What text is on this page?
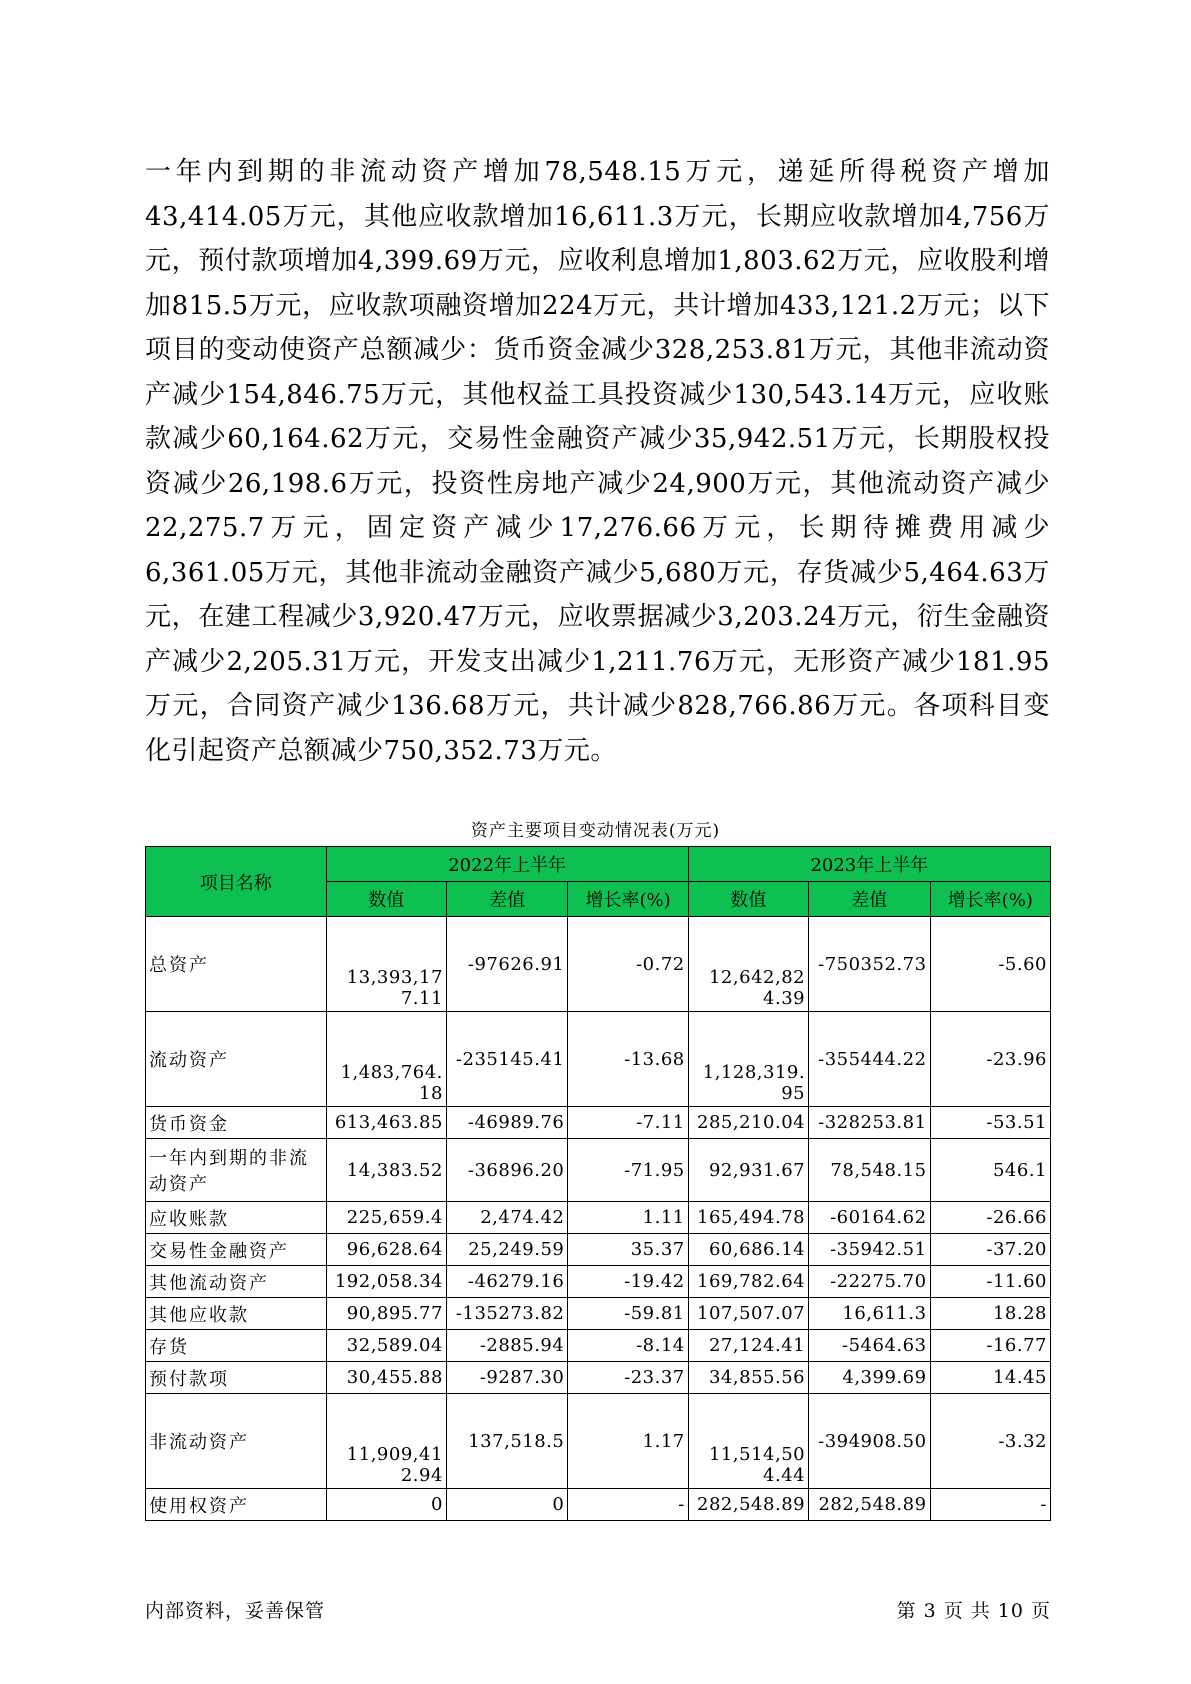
一年内到期的非流动资产增加78,548.15万元，递延所得税资产增加43,414.05万元，其他应收款增加16,611.3万元，长期应收款增加4,756万元，预付款项增加4,399.69万元，应收利息增加1,803.62万元，应收股利增加815.5万元，应收款项融资增加224万元，共计增加433,121.2万元；以下项目的变动使资产总额减少：货币资金减少328,253.81万元，其他非流动资产减少154,846.75万元，其他权益工具投资减少130,543.14万元，应收账款减少60,164.62万元，交易性金融资产减少35,942.51万元，长期股权投资减少26,198.6万元，投资性房地产减少24,900万元，其他流动资产减少22,275.7万元，固定资产减少17,276.66万元，长期待摊费用减少6,361.05万元，其他非流动金融资产减少5,680万元，存货减少5,464.63万元，在建工程减少3,920.47万元，应收票据减少3,203.24万元，衍生金融资产减少2,205.31万元，开发支出减少1,211.76万元，无形资产减少181.95万元，合同资产减少136.68万元，共计减少828,766.86万元。各项科目变化引起资产总额减少750,352.73万元。
资产主要项目变动情况表(万元)
项目名称	2022年上半年			2023年上半年		
	数值	差值	增长率(%)	数值	差值	增长率(%)
总资产	13,393,177.11	-97626.91	-0.72	12,642,824.39	-750352.73	-5.60
流动资产	1,483,764.18	-235145.41	-13.68	1,128,319.95	-355444.22	-23.96
货币资金	613,463.85	-46989.76	-7.11	285,210.04	-328253.81	-53.51
一年内到期的非流动资产	14,383.52	-36896.20	-71.95	92,931.67	78,548.15	546.1
应收账款	225,659.4	2,474.42	1.11	165,494.78	-60164.62	-26.66
交易性金融资产	96,628.64	25,249.59	35.37	60,686.14	-35942.51	-37.20
其他流动资产	192,058.34	-46279.16	-19.42	169,782.64	-22275.70	-11.60
其他应收款	90,895.77	-135273.82	-59.81	107,507.07	16,611.3	18.28
存货	32,589.04	-2885.94	-8.14	27,124.41	-5464.63	-16.77
预付款项	30,455.88	-9287.30	-23.37	34,855.56	4,399.69	14.45
非流动资产	11,909,412.94	137,518.5	1.17	11,514,504.44	-394908.50	-3.32
使用权资产	0	0	-	282,548.89	282,548.89	-
内部资料，妥善保管	第 3 页 共 10 页
